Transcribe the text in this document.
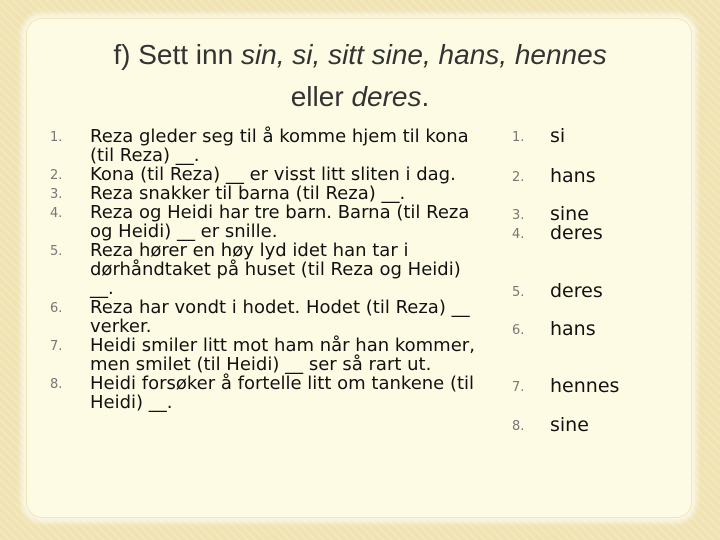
f) Sett inn sin, si, sitt sine, hans, hennes
eller deres.
1.	Reza gleder seg til å komme hjem til kona (til Reza) __.
2.	Kona (til Reza) __ er visst litt sliten i dag.
3.	Reza snakker til barna (til Reza) __.
4.	Reza og Heidi har tre barn. Barna (til Reza og Heidi) __ er snille.
5.	Reza hører en høy lyd idet han tar i dørhåndtaket på huset (til Reza og Heidi) __.
6.	Reza har vondt i hodet. Hodet (til Reza) __ verker.
7.	Heidi smiler litt mot ham når han kommer, men smilet (til Heidi) __ ser så rart ut.
8.	Heidi forsøker å fortelle litt om tankene (til Heidi) __.
1.	si
2.	hans
3.	sine
4.	deres
5.	deres
6.	hans
7.	hennes
8.	sine
